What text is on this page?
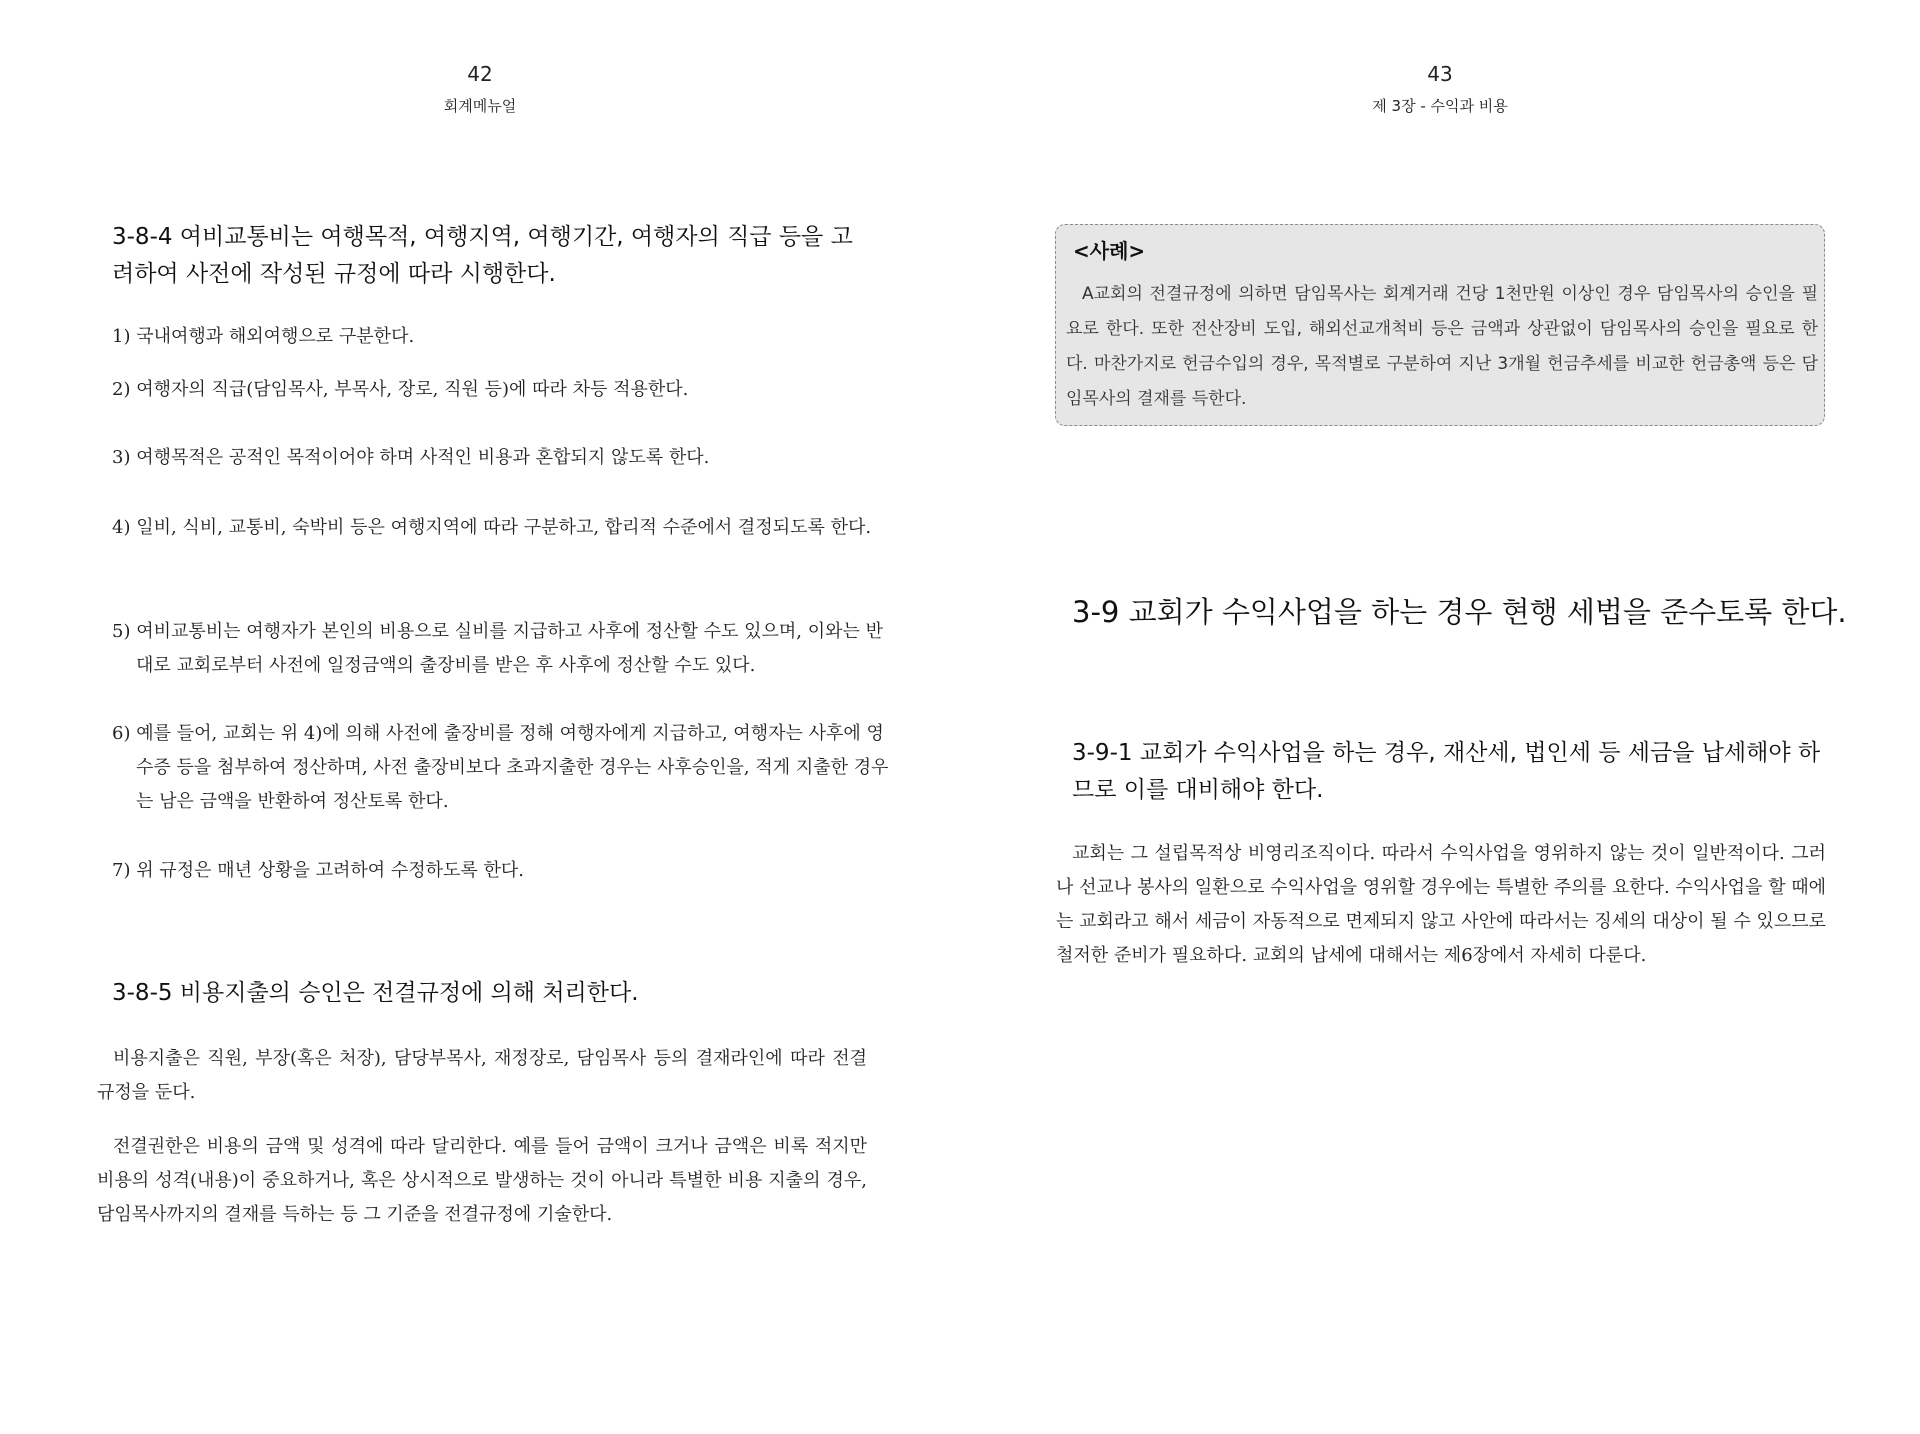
42
회계메뉴얼

3-8-4 여비교통비는 여행목적, 여행지역, 여행기간, 여행자의 직급 등을 고려하여 사전에 작성된 규정에 따라 시행한다.

1) 국내여행과 해외여행으로 구분한다.

2) 여행자의 직급(담임목사, 부목사, 장로, 직원 등)에 따라 차등 적용한다.

3) 여행목적은 공적인 목적이어야 하며 사적인 비용과 혼합되지 않도록 한다.

4) 일비, 식비, 교통비, 숙박비 등은 여행지역에 따라 구분하고, 합리적 수준에서 결정되도록 한다.

5) 여비교통비는 여행자가 본인의 비용으로 실비를 지급하고 사후에 정산할 수도 있으며, 이와는 반대로 교회로부터 사전에 일정금액의 출장비를 받은 후 사후에 정산할 수도 있다.

6) 예를 들어, 교회는 위 4)에 의해 사전에 출장비를 정해 여행자에게 지급하고, 여행자는 사후에 영수증 등을 첨부하여 정산하며, 사전 출장비보다 초과지출한 경우는 사후승인을, 적게 지출한 경우는 남은 금액을 반환하여 정산토록 한다.

7) 위 규정은 매년 상황을 고려하여 수정하도록 한다.

3-8-5 비용지출의 승인은 전결규정에 의해 처리한다.

비용지출은 직원, 부장(혹은 처장), 담당부목사, 재정장로, 담임목사 등의 결재라인에 따라 전결규정을 둔다.

전결권한은 비용의 금액 및 성격에 따라 달리한다. 예를 들어 금액이 크거나 금액은 비록 적지만 비용의 성격(내용)이 중요하거나, 혹은 상시적으로 발생하는 것이 아니라 특별한 비용 지출의 경우, 담임목사까지의 결재를 득하는 등 그 기준을 전결규정에 기술한다.

43
제 3장 - 수익과 비용
<사례>
A교회의 전결규정에 의하면 담임목사는 회계거래 건당 1천만원 이상인 경우 담임목사의 승인을 필요로 한다. 또한 전산장비 도입, 해외선교개척비 등은 금액과 상관없이 담임목사의 승인을 필요로 한다. 마찬가지로 헌금수입의 경우, 목적별로 구분하여 지난 3개월 헌금추세를 비교한 헌금총액 등은 담임목사의 결재를 득한다.

3-9 교회가 수익사업을 하는 경우 현행 세법을 준수토록 한다.

3-9-1 교회가 수익사업을 하는 경우, 재산세, 법인세 등 세금을 납세해야 하므로 이를 대비해야 한다.

교회는 그 설립목적상 비영리조직이다. 따라서 수익사업을 영위하지 않는 것이 일반적이다. 그러나 선교나 봉사의 일환으로 수익사업을 영위할 경우에는 특별한 주의를 요한다. 수익사업을 할 때에는 교회라고 해서 세금이 자동적으로 면제되지 않고 사안에 따라서는 징세의 대상이 될 수 있으므로 철저한 준비가 필요하다. 교회의 납세에 대해서는 제6장에서 자세히 다룬다.
